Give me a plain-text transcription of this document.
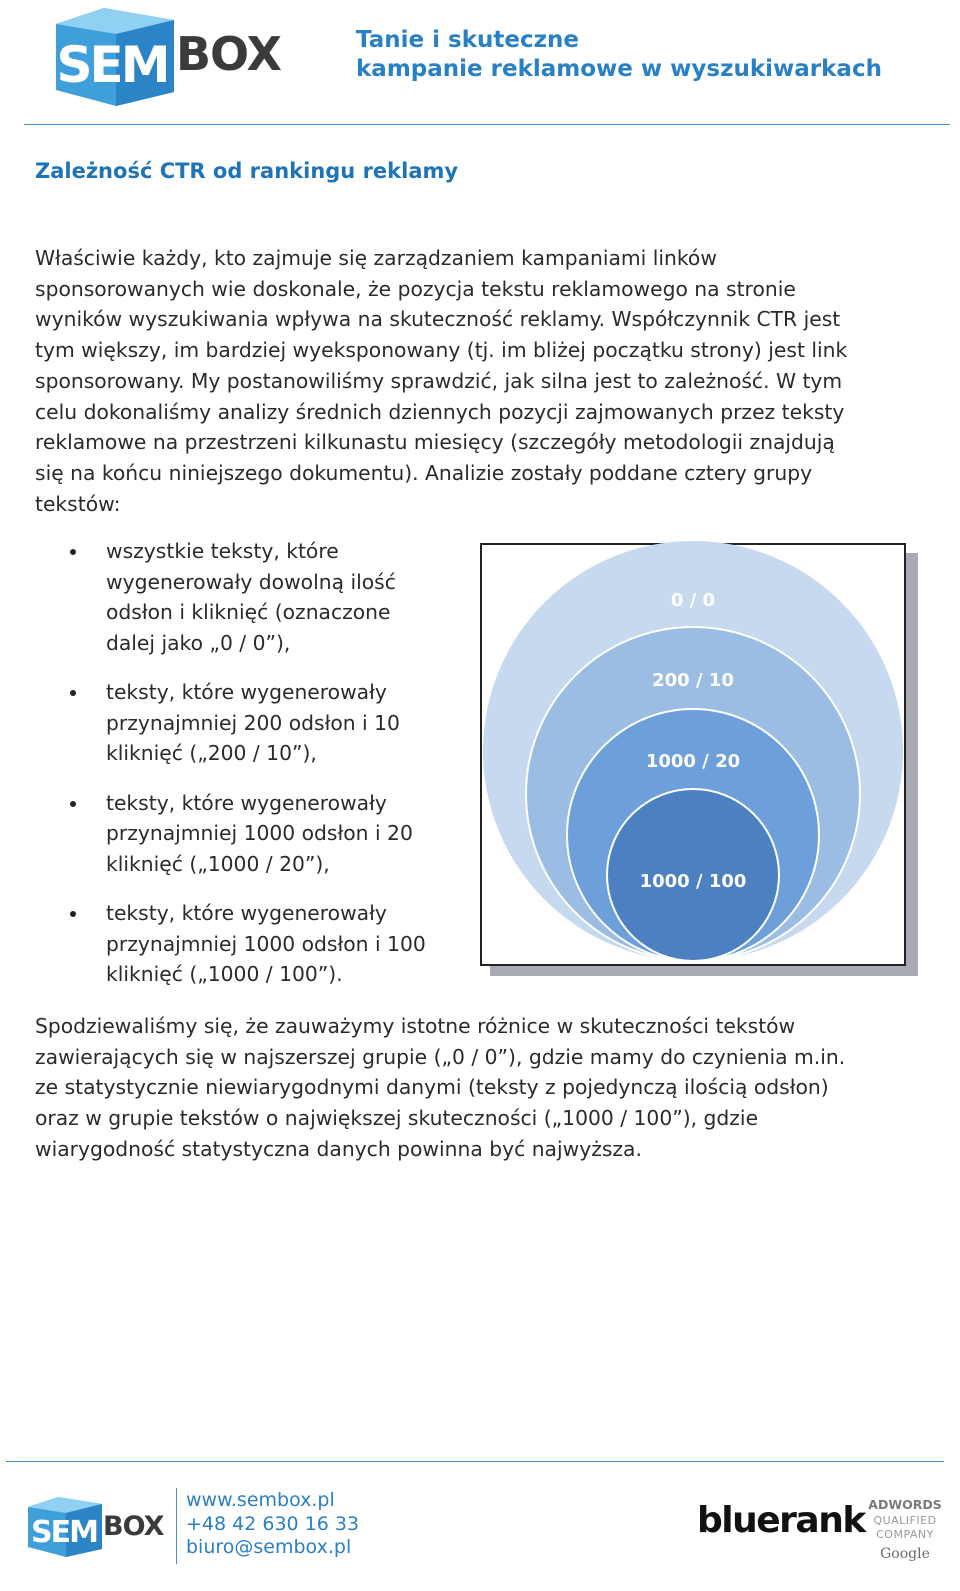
SEM BOX	Tanie i skuteczne
kampanie reklamowe w wyszukiwarkach
Zależność CTR od rankingu reklamy
Właściwie każdy, kto zajmuje się zarządzaniem kampaniami linków
sponsorowanych wie doskonale, że pozycja tekstu reklamowego na stronie
wyników wyszukiwania wpływa na skuteczność reklamy. Współczynnik CTR jest
tym większy, im bardziej wyeksponowany (tj. im bliżej początku strony) jest link
sponsorowany. My postanowiliśmy sprawdzić, jak silna jest to zależność. W tym
celu dokonaliśmy analizy średnich dziennych pozycji zajmowanych przez teksty
reklamowe na przestrzeni kilkunastu miesięcy (szczegóły metodologii znajdują
się na końcu niniejszego dokumentu). Analizie zostały poddane cztery grupy
tekstów:
wszystkie teksty, które
wygenerowały dowolną ilość
odsłon i kliknięć (oznaczone
dalej jako „0 / 0”),
teksty, które wygenerowały
przynajmniej 200 odsłon i 10
kliknięć („200 / 10”),
teksty, które wygenerowały
przynajmniej 1000 odsłon i 20
kliknięć („1000 / 20”),
teksty, które wygenerowały
przynajmniej 1000 odsłon i 100
kliknięć („1000 / 100”).
0 / 0
200 / 10
1000 / 20
1000 / 100
Spodziewaliśmy się, że zauważymy istotne różnice w skuteczności tekstów
zawierających się w najszerszej grupie („0 / 0”), gdzie mamy do czynienia m.in.
ze statystycznie niewiarygodnymi danymi (teksty z pojedynczą ilością odsłon)
oraz w grupie tekstów o największej skuteczności („1000 / 100”), gdzie
wiarygodność statystyczna danych powinna być najwyższa.
SEM BOX
www.sembox.pl
+48 42 630 16 33
biuro@sembox.pl
bluerank ADWORDS
QUALIFIED
COMPANY
Google
